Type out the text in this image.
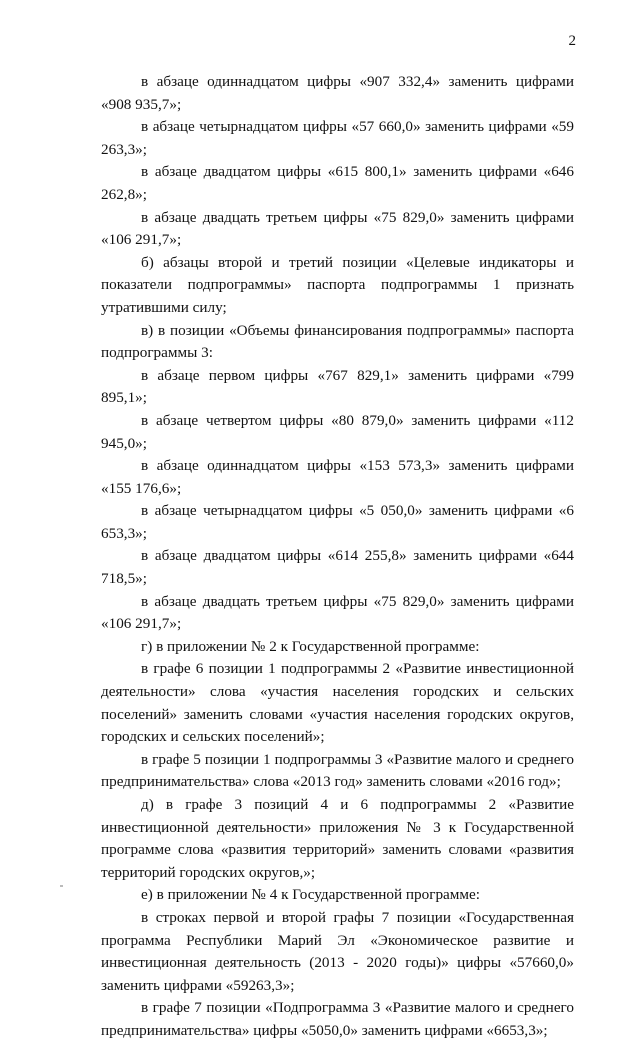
2

в абзаце одиннадцатом цифры «907 332,4» заменить цифрами «908 935,7»;

в абзаце четырнадцатом цифры «57 660,0» заменить цифрами «59 263,3»;

в абзаце двадцатом цифры «615 800,1» заменить цифрами «646 262,8»;

в абзаце двадцать третьем цифры «75 829,0» заменить цифрами «106 291,7»;

б) абзацы второй и третий позиции «Целевые индикаторы и показатели подпрограммы» паспорта подпрограммы 1 признать утратившими силу;

в) в позиции «Объемы финансирования подпрограммы» паспорта подпрограммы 3:

в абзаце первом цифры «767 829,1» заменить цифрами «799 895,1»;

в абзаце четвертом цифры «80 879,0» заменить цифрами «112 945,0»;

в абзаце одиннадцатом цифры «153 573,3» заменить цифрами «155 176,6»;

в абзаце четырнадцатом цифры «5 050,0» заменить цифрами «6 653,3»;

в абзаце двадцатом цифры «614 255,8» заменить цифрами «644 718,5»;

в абзаце двадцать третьем цифры «75 829,0» заменить цифрами «106 291,7»;

г) в приложении № 2 к Государственной программе:

в графе 6 позиции 1 подпрограммы 2 «Развитие инвестиционной деятельности» слова «участия населения городских и сельских поселений» заменить словами «участия населения городских округов, городских и сельских поселений»;

в графе 5 позиции 1 подпрограммы 3 «Развитие малого и среднего предпринимательства» слова «2013 год» заменить словами «2016 год»;

д) в графе 3 позиций 4 и 6 подпрограммы 2 «Развитие инвестиционной деятельности» приложения № 3 к Государственной программе слова «развития территорий» заменить словами «развития территорий городских округов,»;

е) в приложении № 4 к Государственной программе:

в строках первой и второй графы 7 позиции «Государственная программа Республики Марий Эл «Экономическое развитие и инвестиционная деятельность (2013 - 2020 годы)» цифры «57660,0» заменить цифрами «59263,3»;

в графе 7 позиции «Подпрограмма 3 «Развитие малого и среднего предпринимательства» цифры «5050,0» заменить цифрами «6653,3»;
